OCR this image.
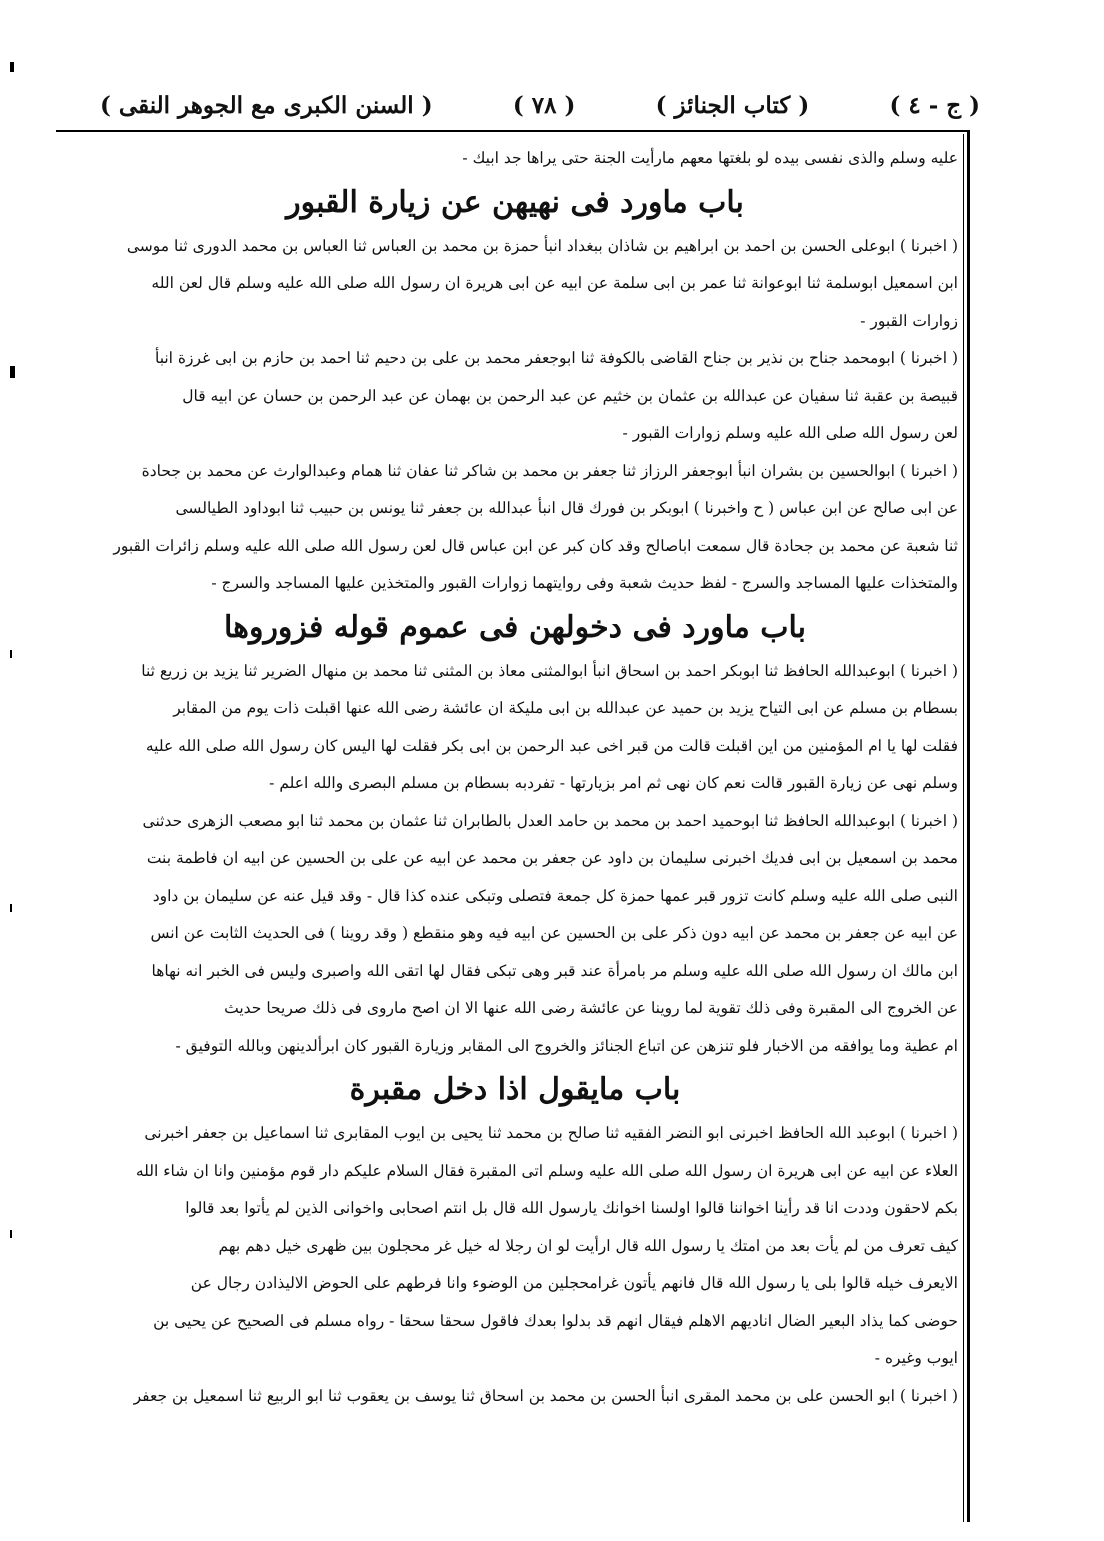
( السنن الكبرى مع الجوهر النقى )	( ٧٨ )	( كتاب الجنائز )	( ج - ٤ )
عليه وسلم والذى نفسى بيده لو بلغتها معهم مارأيت الجنة حتى يراها جد ابيك -
باب ماورد فى نهيهن عن زيارة القبور
( اخبرنا ) ابوعلى الحسن بن احمد بن ابراهيم بن شاذان ببغداد انبأ حمزة بن محمد بن العباس ثنا العباس بن محمد الدورى ثنا موسى
ابن اسمعيل ابوسلمة ثنا ابوعوانة ثنا عمر بن ابى سلمة عن ابيه عن ابى هريرة ان رسول الله صلى الله عليه وسلم قال لعن الله
زوارات القبور -
( اخبرنا ) ابومحمد جناح بن نذير بن جناح القاضى بالكوفة ثنا ابوجعفر محمد بن على بن دحيم ثنا احمد بن حازم بن ابى غرزة انبأ
قبيصة بن عقبة ثنا سفيان عن عبدالله بن عثمان بن خثيم عن عبد الرحمن بن بهمان عن عبد الرحمن بن حسان عن ابيه قال
لعن رسول الله صلى الله عليه وسلم زوارات القبور -
( اخبرنا ) ابوالحسين بن بشران انبأ ابوجعفر الرزاز ثنا جعفر بن محمد بن شاكر ثنا عفان ثنا همام وعبدالوارث عن محمد بن جحادة
عن ابى صالح عن ابن عباس ( ح واخبرنا ) ابوبكر بن فورك قال انبأ عبدالله بن جعفر ثنا يونس بن حبيب ثنا ابوداود الطيالسى
ثنا شعبة عن محمد بن جحادة قال سمعت اباصالح وقد كان كبر عن ابن عباس قال لعن رسول الله صلى الله عليه وسلم زائرات القبور
والمتخذات عليها المساجد والسرج - لفظ حديث شعبة وفى روايتهما زوارات القبور والمتخذين عليها المساجد والسرج -
باب ماورد فى دخولهن فى عموم قوله فزوروها
( اخبرنا ) ابوعبدالله الحافظ ثنا ابوبكر احمد بن اسحاق انبأ ابوالمثنى معاذ بن المثنى ثنا محمد بن منهال الضرير ثنا يزيد بن زريع ثنا
بسطام بن مسلم عن ابى التياح يزيد بن حميد عن عبدالله بن ابى مليكة ان عائشة رضى الله عنها اقبلت ذات يوم من المقابر
فقلت لها يا ام المؤمنين من اين اقبلت قالت من قبر اخى عبد الرحمن بن ابى بكر فقلت لها اليس كان رسول الله صلى الله عليه
وسلم نهى عن زيارة القبور قالت نعم كان نهى ثم امر بزيارتها - تفردبه بسطام بن مسلم البصرى والله اعلم -
( اخبرنا ) ابوعبدالله الحافظ ثنا ابوحميد احمد بن محمد بن حامد العدل بالطابران ثنا عثمان بن محمد ثنا ابو مصعب الزهرى حدثنى
محمد بن اسمعيل بن ابى فديك اخبرنى سليمان بن داود عن جعفر بن محمد عن ابيه عن على بن الحسين عن ابيه ان فاطمة بنت
النبى صلى الله عليه وسلم كانت تزور قبر عمها حمزة كل جمعة فتصلى وتبكى عنده كذا قال - وقد قيل عنه عن سليمان بن داود
عن ابيه عن جعفر بن محمد عن ابيه دون ذكر على بن الحسين عن ابيه فيه وهو منقطع ( وقد روينا ) فى الحديث الثابت عن انس
ابن مالك ان رسول الله صلى الله عليه وسلم مر بامرأة عند قبر وهى تبكى فقال لها اتقى الله واصبرى وليس فى الخبر انه نهاها
عن الخروج الى المقبرة وفى ذلك تقوية لما روينا عن عائشة رضى الله عنها الا ان اصح ماروى فى ذلك صريحا حديث
ام عطية وما يوافقه من الاخبار فلو تنزهن عن اتباع الجنائز والخروج الى المقابر وزيارة القبور كان ابرألدينهن وبالله التوفيق -
باب مايقول اذا دخل مقبرة
( اخبرنا ) ابوعبد الله الحافظ اخبرنى ابو النضر الفقيه ثنا صالح بن محمد ثنا يحيى بن ايوب المقابرى ثنا اسماعيل بن جعفر اخبرنى
العلاء عن ابيه عن ابى هريرة ان رسول الله صلى الله عليه وسلم اتى المقبرة فقال السلام عليكم دار قوم مؤمنين وانا ان شاء الله
بكم لاحقون وددت انا قد رأينا اخواننا قالوا اولسنا اخوانك يارسول الله قال بل انتم اصحابى واخوانى الذين لم يأتوا بعد قالوا
كيف تعرف من لم يأت بعد من امتك يا رسول الله قال ارأيت لو ان رجلا له خيل غر محجلون بين ظهرى خيل دهم بهم
الايعرف خيله قالوا بلى يا رسول الله قال فانهم يأتون غرامحجلين من الوضوء وانا فرطهم على الحوض الاليذادن رجال عن
حوضى كما يذاد البعير الضال اناديهم الاهلم فيقال انهم قد بدلوا بعدك فاقول سحقا سحقا - رواه مسلم فى الصحيح عن يحيى بن
ايوب وغيره -
( اخبرنا ) ابو الحسن على بن محمد المقرى انبأ الحسن بن محمد بن اسحاق ثنا يوسف بن يعقوب ثنا ابو الربيع ثنا اسمعيل بن جعفر
